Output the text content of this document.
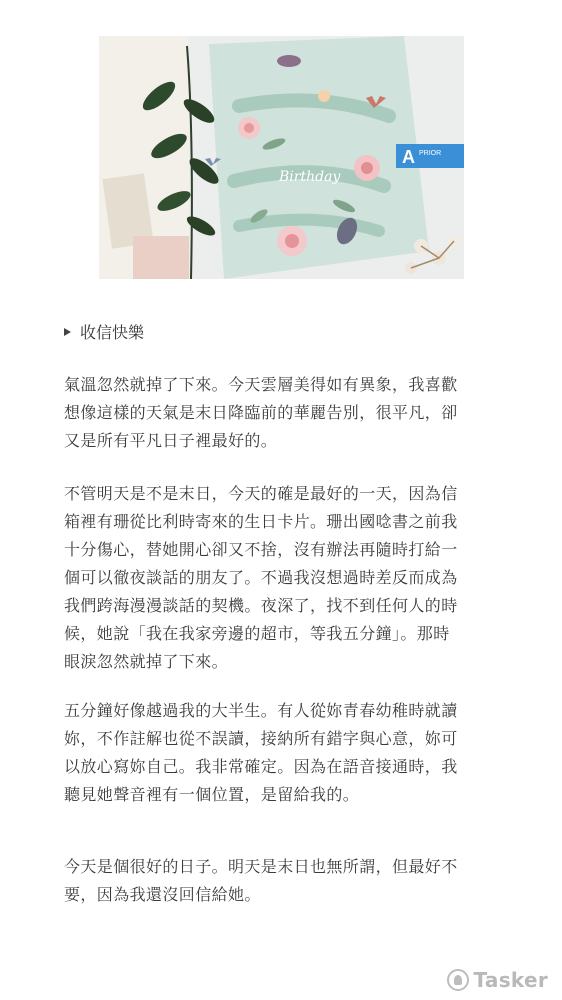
Birthday
A PRIOR
收信快樂

氣溫忽然就掉了下來。今天雲層美得如有異象，我喜歡
想像這樣的天氣是末日降臨前的華麗告別，很平凡，卻
又是所有平凡日子裡最好的。

不管明天是不是末日，今天的確是最好的一天，因為信
箱裡有珊從比利時寄來的生日卡片。珊出國唸書之前我
十分傷心，替她開心卻又不捨，沒有辦法再隨時打給一
個可以徹夜談話的朋友了。不過我沒想過時差反而成為
我們跨海漫漫談話的契機。夜深了，找不到任何人的時
候，她說「我在我家旁邊的超市，等我五分鐘」。那時
眼淚忽然就掉了下來。

五分鐘好像越過我的大半生。有人從妳青春幼稚時就讀
妳，不作註解也從不誤讀，接納所有錯字與心意，妳可
以放心寫妳自己。我非常確定。因為在語音接通時，我
聽見她聲音裡有一個位置，是留給我的。

今天是個很好的日子。明天是末日也無所謂，但最好不
要，因為我還沒回信給她。

Tasker
